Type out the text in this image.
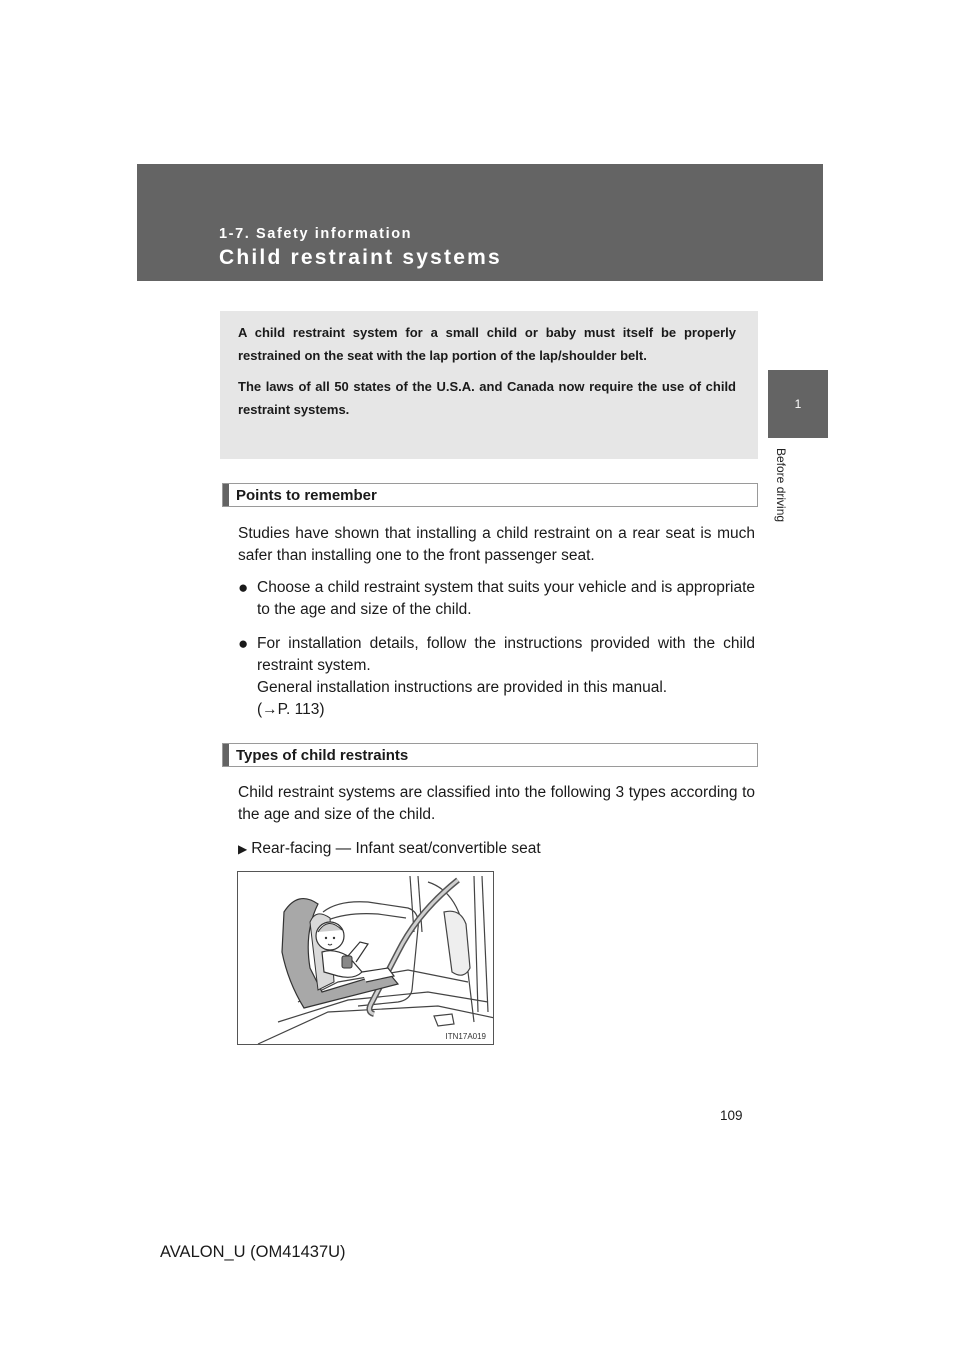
1-7. Safety information
Child restraint systems
1
Before driving

A child restraint system for a small child or baby must itself be properly restrained on the seat with the lap portion of the lap/shoulder belt.

The laws of all 50 states of the U.S.A. and Canada now require the use of child restraint systems.

Points to remember

Studies have shown that installing a child restraint on a rear seat is much safer than installing one to the front passenger seat.

● Choose a child restraint system that suits your vehicle and is appropriate to the age and size of the child.
● For installation details, follow the instructions provided with the child restraint system.
General installation instructions are provided in this manual.
(→P. 113)
Types of child restraints

Child restraint systems are classified into the following 3 types according to the age and size of the child.

▶ Rear-facing — Infant seat/convertible seat
ITN17A019
109
AVALON_U (OM41437U)
